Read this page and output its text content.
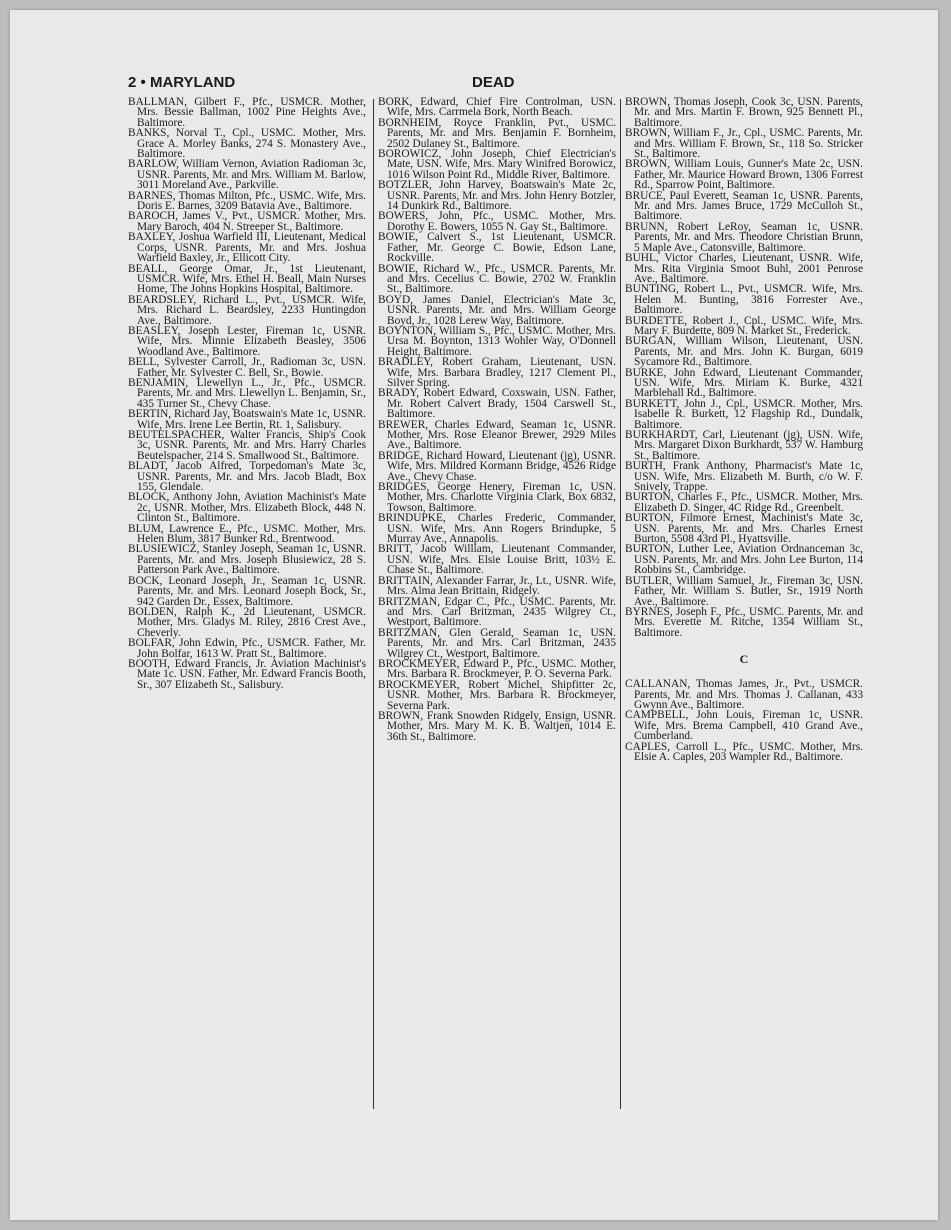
2 • MARYLAND	DEAD

BALLMAN, Gilbert F., Pfc., USMCR. Mother, Mrs. Bessie Ballman, 1002 Pine Heights Ave., Baltimore.

BANKS, Norval T., Cpl., USMC. Mother, Mrs. Grace A. Morley Banks, 274 S. Monastery Ave., Baltimore.

BARLOW, William Vernon, Aviation Radioman 3c, USNR. Parents, Mr. and Mrs. William M. Barlow, 3011 Moreland Ave., Parkville.

BARNES, Thomas Milton, Pfc., USMC. Wife, Mrs. Doris E. Barnes, 3209 Batavia Ave., Baltimore.

BAROCH, James V., Pvt., USMCR. Mother, Mrs. Mary Baroch, 404 N. Streeper St., Baltimore.

BAXLEY, Joshua Warfield III, Lieutenant, Medical Corps, USNR. Parents, Mr. and Mrs. Joshua Warfield Baxley, Jr., Ellicott City.

BEALL, George Omar, Jr., 1st Lieutenant, USMCR. Wife, Mrs. Ethel H. Beall, Main Nurses Home, The Johns Hopkins Hospital, Baltimore.

BEARDSLEY, Richard L., Pvt., USMCR. Wife, Mrs. Richard L. Beardsley, 2233 Huntingdon Ave., Baltimore.

BEASLEY, Joseph Lester, Fireman 1c, USNR. Wife, Mrs. Minnie Elizabeth Beasley, 3506 Woodland Ave., Baltimore.

BELL, Sylvester Carroll, Jr., Radioman 3c, USN. Father, Mr. Sylvester C. Bell, Sr., Bowie.

BENJAMIN, Llewellyn L., Jr., Pfc., USMCR. Parents, Mr. and Mrs. Llewellyn L. Benjamin, Sr., 435 Turner St., Chevy Chase.

BERTIN, Richard Jay, Boatswain's Mate 1c, USNR. Wife, Mrs. Irene Lee Bertin, Rt. 1, Salisbury.

BEUTELSPACHER, Walter Francis, Ship's Cook 3c, USNR. Parents, Mr. and Mrs. Harry Charles Beutelspacher, 214 S. Smallwood St., Baltimore.

BLADT, Jacob Alfred, Torpedoman's Mate 3c, USNR. Parents, Mr. and Mrs. Jacob Bladt, Box 155, Glendale.

BLOCK, Anthony John, Aviation Machinist's Mate 2c, USNR. Mother, Mrs. Elizabeth Block, 448 N. Clinton St., Baltimore.

BLUM, Lawrence E., Pfc., USMC. Mother, Mrs. Helen Blum, 3817 Bunker Rd., Brentwood.

BLUSIEWICZ, Stanley Joseph, Seaman 1c, USNR. Parents, Mr. and Mrs. Joseph Blusiewicz, 28 S. Patterson Park Ave., Baltimore.

BOCK, Leonard Joseph, Jr., Seaman 1c, USNR. Parents, Mr. and Mrs. Leonard Joseph Bock, Sr., 942 Garden Dr., Essex, Baltimore.

BOLDEN, Ralph K., 2d Lieutenant, USMCR. Mother, Mrs. Gladys M. Riley, 2816 Crest Ave., Cheverly.

BOLFAR, John Edwin, Pfc., USMCR. Father, Mr. John Bolfar, 1613 W. Pratt St., Baltimore.

BOOTH, Edward Francis, Jr. Aviation Machinist's Mate 1c. USN. Father, Mr. Edward Francis Booth, Sr., 307 Elizabeth St., Salisbury.

BORK, Edward, Chief Fire Controlman, USN. Wife, Mrs. Carrmela Bork, North Beach.

BORNHEIM, Royce Franklin, Pvt., USMC. Parents, Mr. and Mrs. Benjamin F. Bornheim, 2502 Dulaney St., Baltimore.

BOROWICZ, John Joseph, Chief Electrician's Mate, USN. Wife, Mrs. Mary Winifred Borowicz, 1016 Wilson Point Rd., Middle River, Baltimore.

BOTZLER, John Harvey, Boatswain's Mate 2c, USNR. Parents, Mr. and Mrs. John Henry Botzler, 14 Dunkirk Rd., Baltimore.

BOWERS, John, Pfc., USMC. Mother, Mrs. Dorothy E. Bowers, 1055 N. Gay St., Baltimore.

BOWIE, Calvert S., 1st Lieutenant, USMCR. Father, Mr. George C. Bowie, Edson Lane, Rockville.

BOWIE, Richard W., Pfc., USMCR. Parents, Mr. and Mrs. Cecelius C. Bowie, 2702 W. Franklin St., Baltimore.

BOYD, James Daniel, Electrician's Mate 3c, USNR. Parents, Mr. and Mrs. William George Boyd, Jr., 1028 Lerew Way, Baltimore.

BOYNTON, William S., Pfc., USMC. Mother, Mrs. Ursa M. Boynton, 1313 Wohler Way, O'Donnell Height, Baltimore.

BRADLEY, Robert Graham, Lieutenant, USN. Wife, Mrs. Barbara Bradley, 1217 Clement Pl., Silver Spring.

BRADY, Robert Edward, Coxswain, USN. Father, Mr. Robert Calvert Brady, 1504 Carswell St., Baltimore.

BREWER, Charles Edward, Seaman 1c, USNR. Mother, Mrs. Rose Eleanor Brewer, 2929 Miles Ave., Baltimore.

BRIDGE, Richard Howard, Lieutenant (jg), USNR. Wife, Mrs. Mildred Kormann Bridge, 4526 Ridge Ave., Chevy Chase.

BRIDGES, George Henery, Fireman 1c, USN. Mother, Mrs. Charlotte Virginia Clark, Box 6832, Towson, Baltimore.

BRINDUPKE, Charles Frederic, Commander, USN. Wife, Mrs. Ann Rogers Brindupke, 5 Murray Ave., Annapolis.

BRITT, Jacob William, Lieutenant Commander, USN. Wife, Mrs. Elsie Louise Britt, 103½ E. Chase St., Baltimore.

BRITTAIN, Alexander Farrar, Jr., Lt., USNR. Wife, Mrs. Alma Jean Brittain, Ridgely.

BRITZMAN, Edgar C., Pfc., USMC. Parents, Mr. and Mrs. Carl Britzman, 2435 Wilgrey Ct., Westport, Baltimore.

BRITZMAN, Glen Gerald, Seaman 1c, USN. Parents, Mr. and Mrs. Carl Britzman, 2435 Wilgrey Ct., Westport, Baltimore.

BROCKMEYER, Edward P., Pfc., USMC. Mother, Mrs. Barbara R. Brockmeyer, P. O. Severna Park.

BROCKMEYER, Robert Michel, Shipfitter 2c, USNR. Mother, Mrs. Barbara R. Brockmeyer, Severna Park.

BROWN, Frank Snowden Ridgely, Ensign, USNR. Mother, Mrs. Mary M. K. B. Waltjen, 1014 E. 36th St., Baltimore.

BROWN, Thomas Joseph, Cook 3c, USN. Parents, Mr. and Mrs. Martin F. Brown, 925 Bennett Pl., Baltimore.

BROWN, William F., Jr., Cpl., USMC. Parents, Mr. and Mrs. William F. Brown, Sr., 118 So. Stricker St., Baltimore.

BROWN, William Louis, Gunner's Mate 2c, USN. Father, Mr. Maurice Howard Brown, 1306 Forrest Rd., Sparrow Point, Baltimore.

BRUCE, Paul Everett, Seaman 1c, USNR. Parents, Mr. and Mrs. James Bruce, 1729 McCulloh St., Baltimore.

BRUNN, Robert LeRoy, Seaman 1c, USNR. Parents, Mr. and Mrs. Theodore Christian Brunn, 5 Maple Ave., Catonsville, Baltimore.

BUHL, Victor Charles, Lieutenant, USNR. Wife, Mrs. Rita Virginia Smoot Buhl, 2001 Penrose Ave., Baltimore.

BUNTING, Robert L., Pvt., USMCR. Wife, Mrs. Helen M. Bunting, 3816 Forrester Ave., Baltimore.

BURDETTE, Robert J., Cpl., USMC. Wife, Mrs. Mary F. Burdette, 809 N. Market St., Frederick.

BURGAN, William Wilson, Lieutenant, USN. Parents, Mr. and Mrs. John K. Burgan, 6019 Sycamore Rd., Baltimore.

BURKE, John Edward, Lieutenant Commander, USN. Wife, Mrs. Miriam K. Burke, 4321 Marblehall Rd., Baltimore.

BURKETT, John J., Cpl., USMCR. Mother, Mrs. Isabelle R. Burkett, 12 Flagship Rd., Dundalk, Baltimore.

BURKHARDT, Carl, Lieutenant (jg), USN. Wife, Mrs. Margaret Dixon Burkhardt, 537 W. Hamburg St., Baltimore.

BURTH, Frank Anthony, Pharmacist's Mate 1c, USN. Wife, Mrs. Elizabeth M. Burth, c/o W. F. Snively, Trappe.

BURTON, Charles F., Pfc., USMCR. Mother, Mrs. Elizabeth D. Singer, 4C Ridge Rd., Greenbelt.

BURTON, Filmore Ernest, Machinist's Mate 3c, USN. Parents, Mr. and Mrs. Charles Ernest Burton, 5508 43rd Pl., Hyattsville.

BURTON, Luther Lee, Aviation Ordnanceman 3c, USN. Parents, Mr. and Mrs. John Lee Burton, 114 Robbins St., Cambridge.

BUTLER, William Samuel, Jr., Fireman 3c, USN. Father, Mr. William S. Butler, Sr., 1919 North Ave., Baltimore.

BYRNES, Joseph F., Pfc., USMC. Parents, Mr. and Mrs. Everette M. Ritche, 1354 William St., Baltimore.

C

CALLANAN, Thomas James, Jr., Pvt., USMCR. Parents, Mr. and Mrs. Thomas J. Callanan, 433 Gwynn Ave., Baltimore.

CAMPBELL, John Louis, Fireman 1c, USNR. Wife, Mrs. Brema Campbell, 410 Grand Ave., Cumberland.

CAPLES, Carroll L., Pfc., USMC. Mother, Mrs. Elsie A. Caples, 203 Wampler Rd., Baltimore.
